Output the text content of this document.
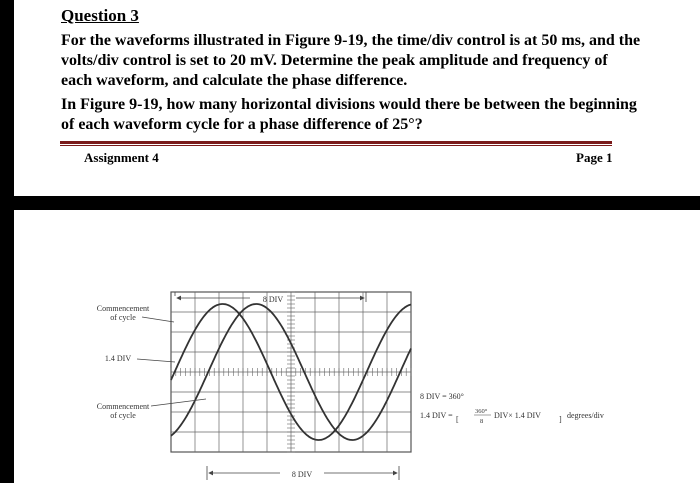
Question 3
For the waveforms illustrated in Figure 9-19, the time/div control is at 50 ms, and the volts/div control is set to 20 mV. Determine the peak amplitude and frequency of each waveform, and calculate the phase difference.
In Figure 9-19, how many horizontal divisions would there be between the beginning of each waveform cycle for a phase difference of 25°?
Assignment 4	Page 1
8 DIV
8 DIV
Commencement
of cycle
1.4 DIV
Commencement
of cycle
8 DIV = 360°
1.4 DIV = [
360°
8
DIV× 1.4 DIV ] degrees/div
